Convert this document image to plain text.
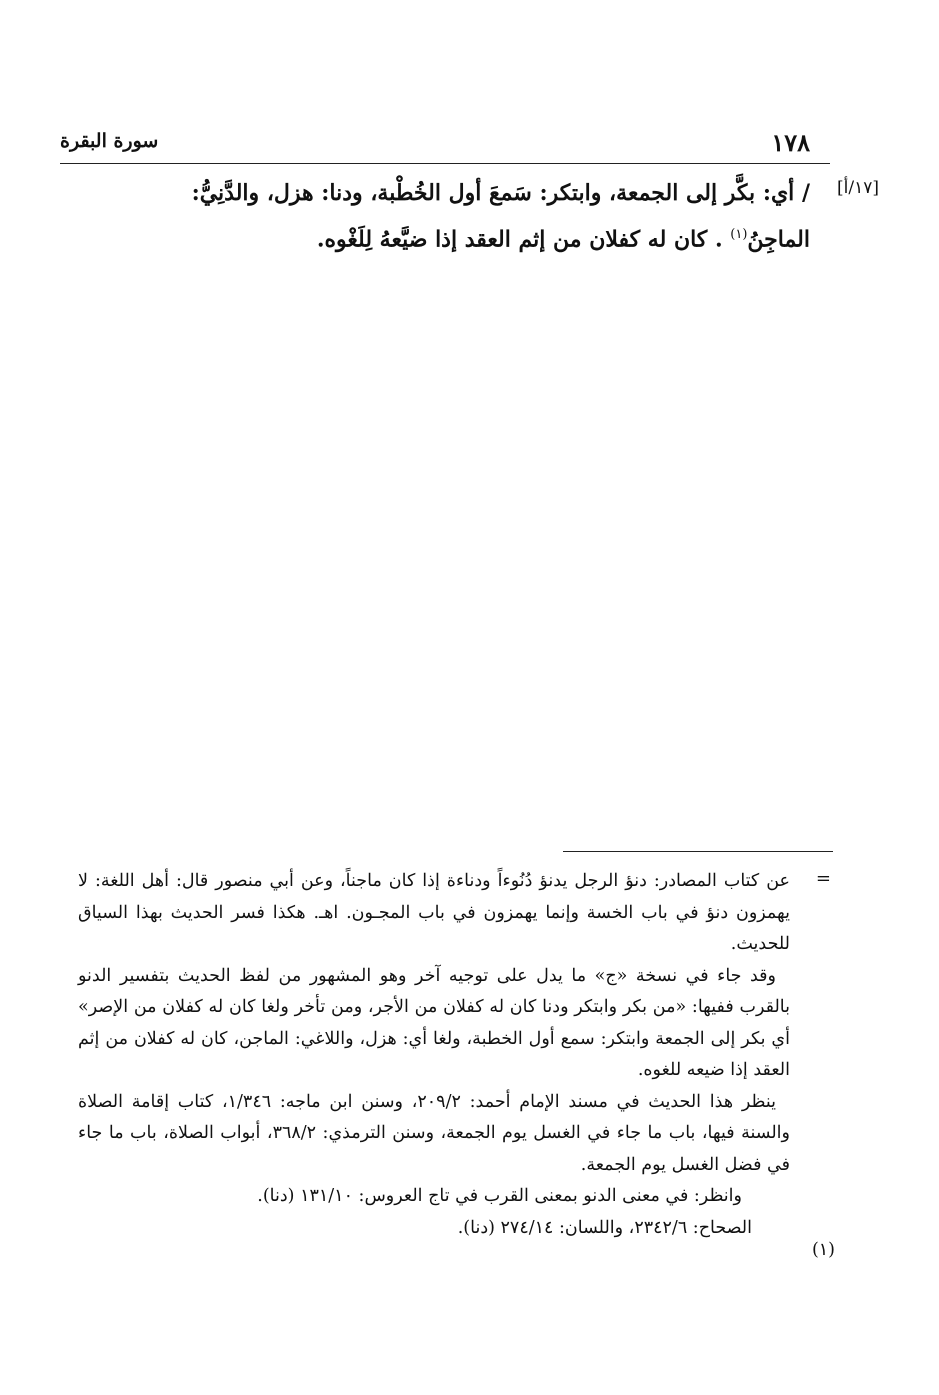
١٧٨
سورة البقرة
[١٧/أ]
/ أي: بكَّر إلى الجمعة، وابتكر: سَمعَ أول الخُطْبة، ودنا: هزل، والدَّنِيُّ:
الماجِنُ$^{(١)}$ . كان له كفلان من إثم العقد إذا ضيَّعهُ لِلَغْوه.
=

عن كتاب المصادر: دنؤ الرجل يدنؤ دُنُوءاً ودناءة إذا كان ماجناً، وعن أبي منصور قال: أهل اللغة: لا يهمزون دنؤ في باب الخسة وإنما يهمزون في باب المجـون. اهـ. هكذا فسر الحديث بهذا السياق للحديث.

وقد جاء في نسخة «ج» ما يدل على توجيه آخر وهو المشهور من لفظ الحديث بتفسير الدنو بالقرب ففيها: «من بكر وابتكر ودنا كان له كفلان من الأجر، ومن تأخر ولغا كان له كفلان من الإصر» أي بكر إلى الجمعة وابتكر: سمع أول الخطبة، ولغا أي: هزل، واللاغي: الماجن، كان له كفلان من إثم العقد إذا ضيعه للغوه.

ينظر هذا الحديث في مسند الإمام أحمد: ٢٠٩/٢، وسنن ابن ماجه: ١/٣٤٦، كتاب إقامة الصلاة والسنة فيها، باب ما جاء في الغسل يوم الجمعة، وسنن الترمذي: ٣٦٨/٢، أبواب الصلاة، باب ما جاء في فضل الغسل يوم الجمعة.

وانظر: في معنى الدنو بمعنى القرب في تاج العروس: ١٣١/١٠ (دنا).

الصحاح: ٢٣٤٢/٦، واللسان: ٢٧٤/١٤ (دنا).

(١)
